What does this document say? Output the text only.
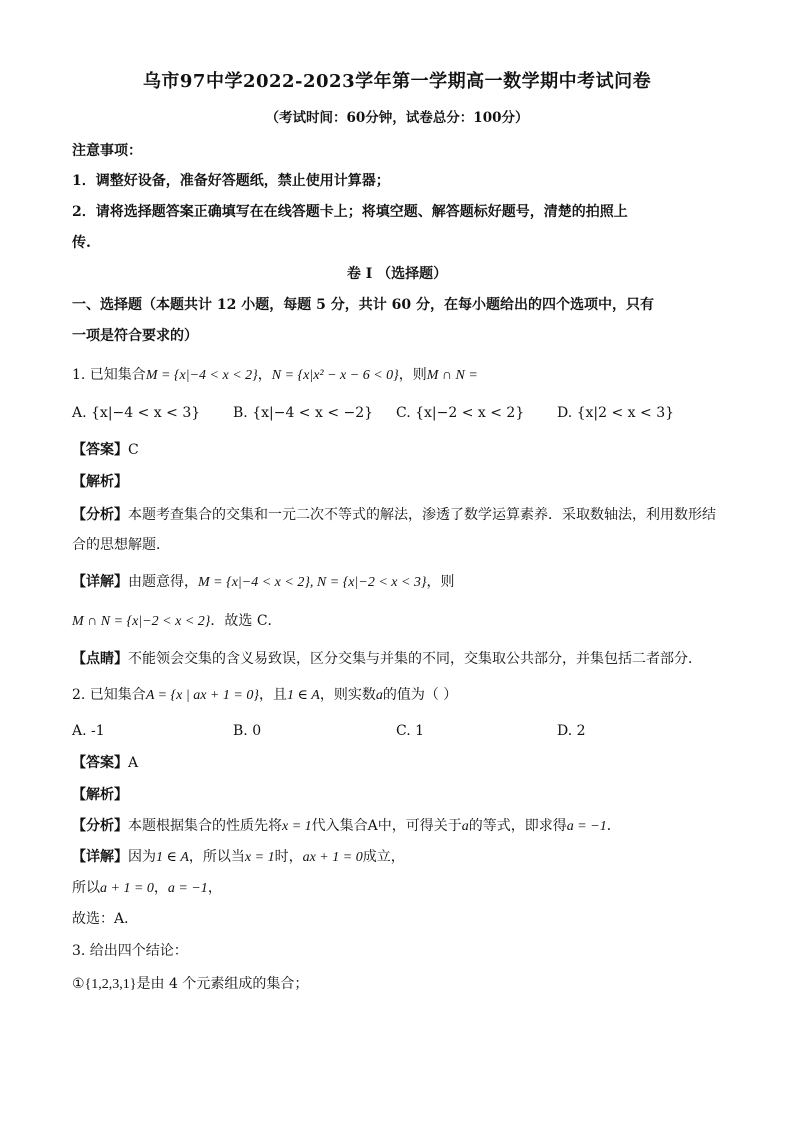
乌市97中学2022-2023学年第一学期高一数学期中考试问卷
（考试时间：60分钟，试卷总分：100分）
注意事项：
1．调整好设备，准备好答题纸，禁止使用计算器；
2．请将选择题答案正确填写在在线答题卡上；将填空题、解答题标好题号，清楚的拍照上
传.
卷 I （选择题）
一、选择题（本题共计 12 小题，每题 5 分，共计 60 分，在每小题给出的四个选项中，只有
一项是符合要求的）
1. 已知集合M = {x|−4 < x < 2}，N = {x|x² − x − 6 < 0}，则M ∩ N =
A. {x|−4 < x < 3} B. {x|−4 < x < −2} C. {x|−2 < x < 2} D. {x|2 < x < 3}
【答案】C
【解析】
【分析】本题考查集合的交集和一元二次不等式的解法，渗透了数学运算素养．采取数轴法，利用数形结
合的思想解题．
【详解】由题意得，M = {x|−4 < x < 2}, N = {x|−2 < x < 3}，则
M ∩ N = {x|−2 < x < 2}．故选 C．
【点睛】不能领会交集的含义易致误，区分交集与并集的不同，交集取公共部分，并集包括二者部分．
2. 已知集合A = {x | ax + 1 = 0}，且1 ∈ A，则实数a的值为（ ）
A. -1	B. 0	C. 1	D. 2
【答案】A
【解析】
【分析】本题根据集合的性质先将x = 1代入集合A中，可得关于a的等式，即求得a = −1．
【详解】因为1 ∈ A，所以当x = 1时，ax + 1 = 0成立，
所以a + 1 = 0，a = −1，
故选：A．
3. 给出四个结论：
①{1,2,3,1}是由 4 个元素组成的集合；
